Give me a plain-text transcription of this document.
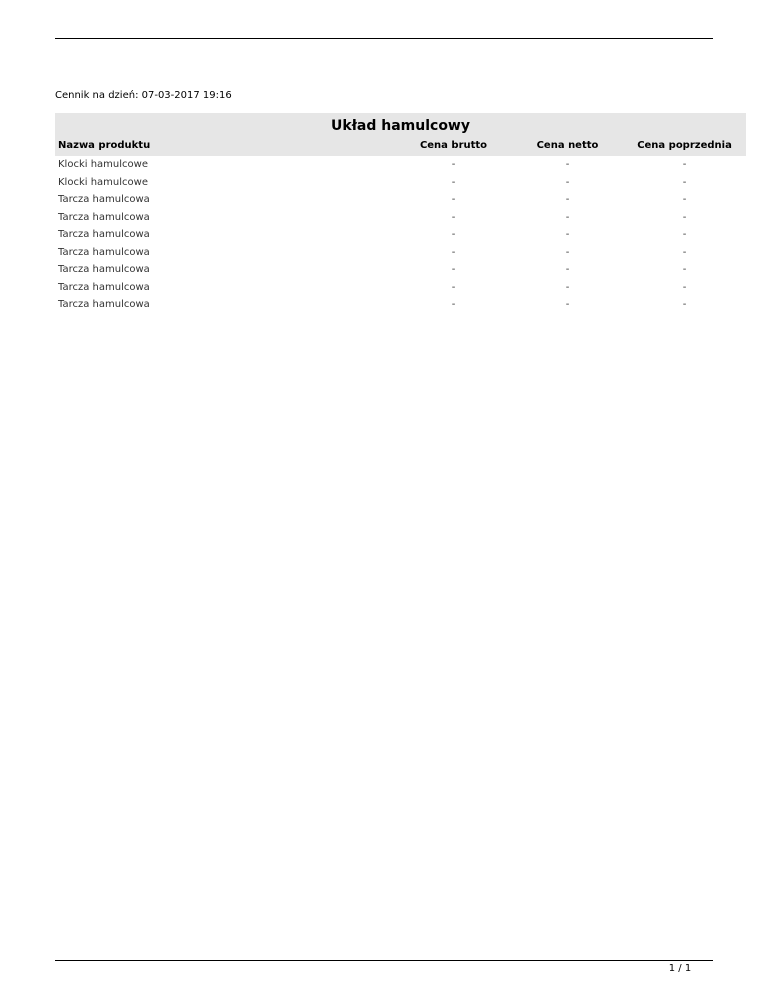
Cennik na dzień: 07-03-2017 19:16
Układ hamulcowy			
Nazwa produktu	Cena brutto	Cena netto	Cena poprzednia
Klocki hamulcowe	-	-	-
Klocki hamulcowe	-	-	-
Tarcza hamulcowa	-	-	-
Tarcza hamulcowa	-	-	-
Tarcza hamulcowa	-	-	-
Tarcza hamulcowa	-	-	-
Tarcza hamulcowa	-	-	-
Tarcza hamulcowa	-	-	-
Tarcza hamulcowa	-	-	-
1 / 1
